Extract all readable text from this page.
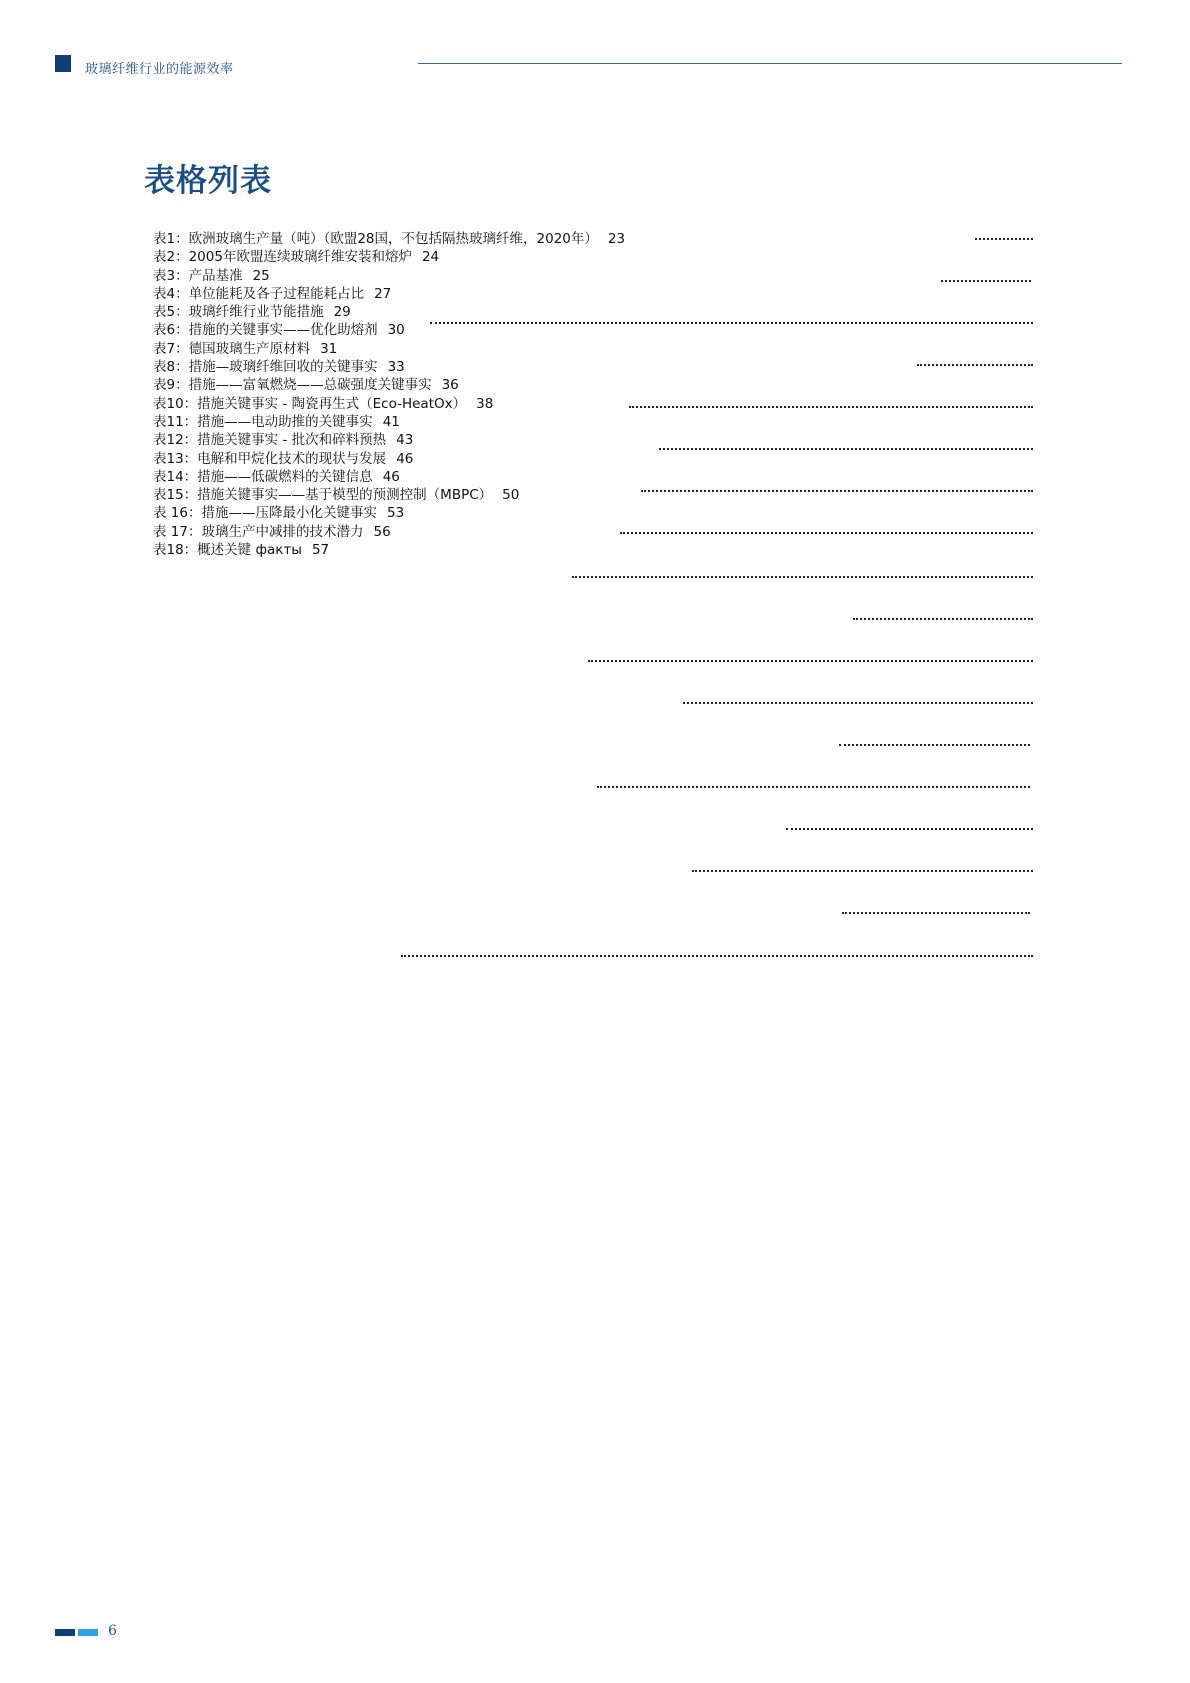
玻璃纤维行业的能源效率
表格列表
表1：欧洲玻璃生产量（吨）（欧盟28国，不包括隔热玻璃纤维，2020年） 23
表2：2005年欧盟连续玻璃纤维安装和熔炉 24
表3：产品基准 25
表4：单位能耗及各子过程能耗占比 27
表5：玻璃纤维行业节能措施 29
表6：措施的关键事实——优化助熔剂 30
表7：德国玻璃生产原材料 31
表8：措施—玻璃纤维回收的关键事实 33
表9：措施——富氧燃烧——总碳强度关键事实 36
表10：措施关键事实 - 陶瓷再生式（Eco-HeatOx） 38
表11：措施——电动助推的关键事实 41
表12：措施关键事实 - 批次和碎料预热 43
表13：电解和甲烷化技术的现状与发展 46
表14：措施——低碳燃料的关键信息 46
表15：措施关键事实——基于模型的预测控制（MBPC） 50
表 16：措施——压降最小化关键事实 53
表 17：玻璃生产中减排的技术潜力 56
表18：概述关键 факты 57
6
